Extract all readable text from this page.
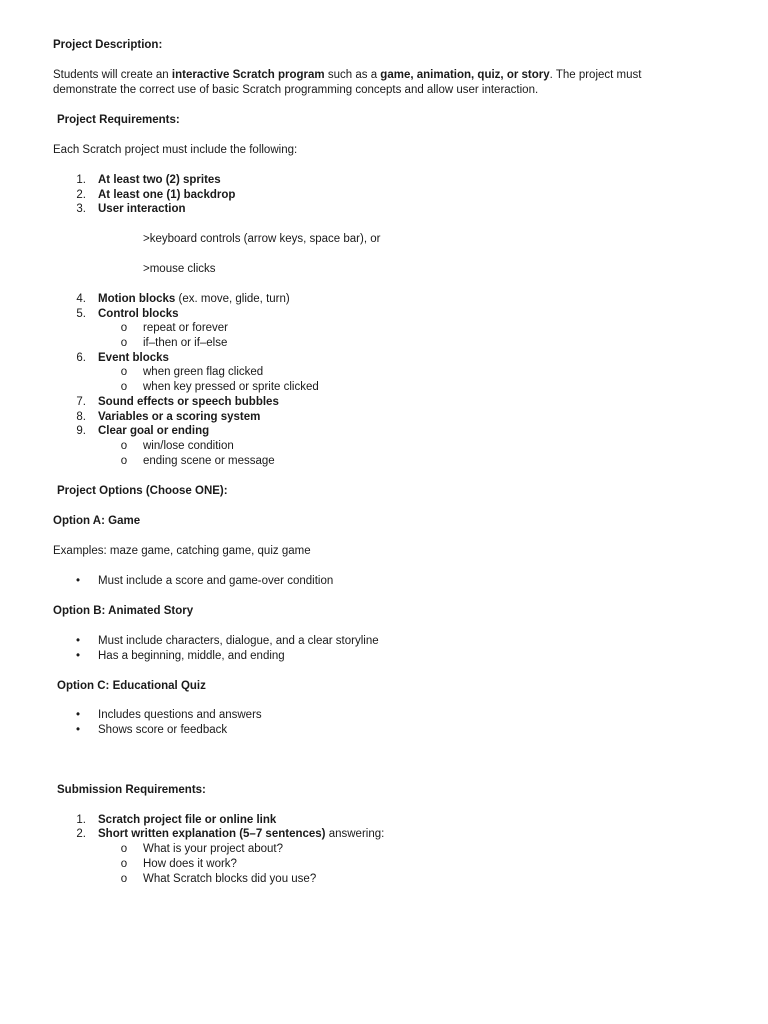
Project Description:
Students will create an interactive Scratch program such as a game, animation, quiz, or story. The project must
demonstrate the correct use of basic Scratch programming concepts and allow user interaction.
Project Requirements:
Each Scratch project must include the following:
1. At least two (2) sprites
2. At least one (1) backdrop
3. User interaction
>keyboard controls (arrow keys, space bar), or
>mouse clicks
4. Motion blocks (ex. move, glide, turn)
5. Control blocks
o repeat or forever
o if–then or if–else
6. Event blocks
o when green flag clicked
o when key pressed or sprite clicked
7. Sound effects or speech bubbles
8. Variables or a scoring system
9. Clear goal or ending
o win/lose condition
o ending scene or message
Project Options (Choose ONE):
Option A: Game
Examples: maze game, catching game, quiz game
• Must include a score and game-over condition
Option B: Animated Story
• Must include characters, dialogue, and a clear storyline
• Has a beginning, middle, and ending
Option C: Educational Quiz
• Includes questions and answers
• Shows score or feedback
Submission Requirements:
1. Scratch project file or online link
2. Short written explanation (5–7 sentences) answering:
o What is your project about?
o How does it work?
o What Scratch blocks did you use?
